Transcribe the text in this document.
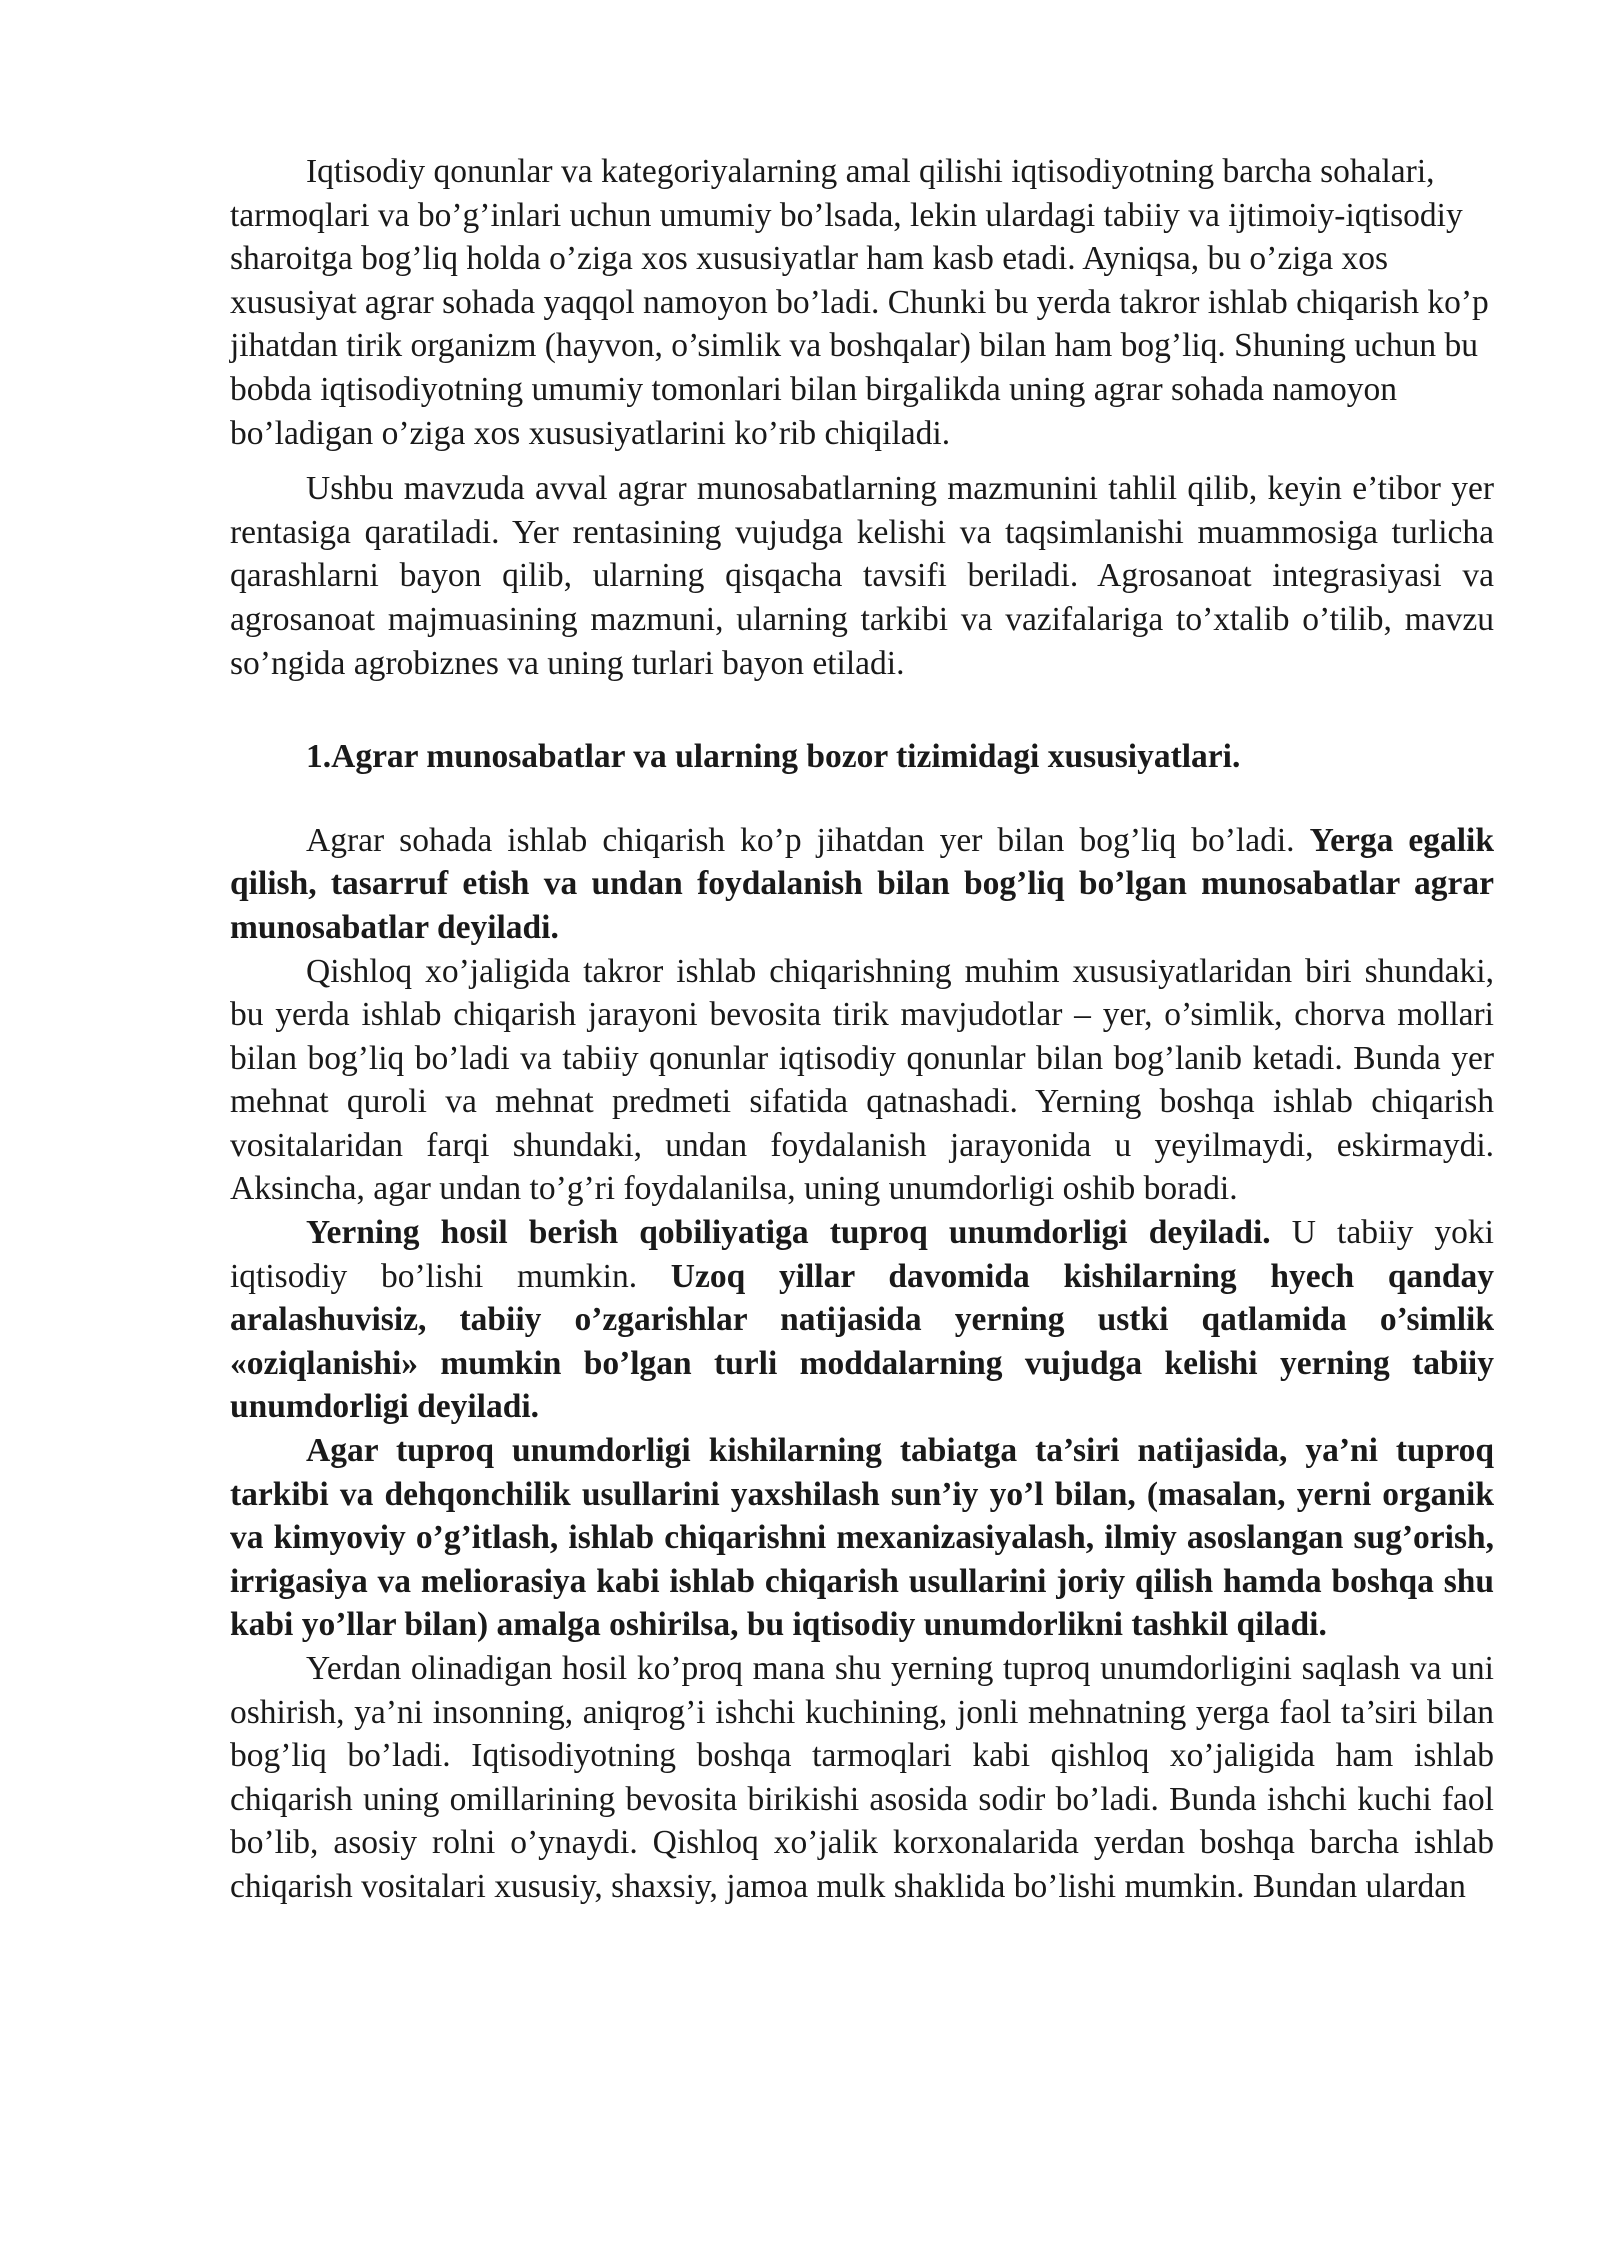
Iqtisodiy qonunlar va kategoriyalarning amal qilishi iqtisodiyotning barcha sohalari, tarmoqlari va bo’g’inlari uchun umumiy bo’lsada, lekin ulardagi tabiiy va ijtimoiy-iqtisodiy sharoitga bog’liq holda o’ziga xos xususiyatlar ham kasb etadi. Ayniqsa, bu o’ziga xos xususiyat agrar sohada yaqqol namoyon bo’ladi. Chunki bu yerda takror ishlab chiqarish ko’p jihatdan tirik organizm (hayvon, o’simlik va boshqalar) bilan ham bog’liq. Shuning uchun bu bobda iqtisodiyotning umumiy tomonlari bilan birgalikda uning agrar sohada namoyon bo’ladigan o’ziga xos xususiyatlarini ko’rib chiqiladi.

Ushbu mavzuda avval agrar munosabatlarning mazmunini tahlil qilib, keyin e’tibor yer rentasiga qaratiladi. Yer rentasining vujudga kelishi va taqsimlanishi muammosiga turlicha qarashlarni bayon qilib, ularning qisqacha tavsifi beriladi. Agrosanoat integrasiyasi va agrosanoat majmuasining mazmuni, ularning tarkibi va vazifalariga to’xtalib o’tilib, mavzu so’ngida agrobiznes va uning turlari bayon etiladi.

1.Agrar munosabatlar va ularning bozor tizimidagi xususiyatlari.

Agrar sohada ishlab chiqarish ko’p jihatdan yer bilan bog’liq bo’ladi. Yerga egalik qilish, tasarruf etish va undan foydalanish bilan bog’liq bo’lgan munosabatlar agrar munosabatlar deyiladi.

Qishloq xo’jaligida takror ishlab chiqarishning muhim xususiyatlaridan biri shundaki, bu yerda ishlab chiqarish jarayoni bevosita tirik mavjudotlar – yer, o’simlik, chorva mollari bilan bog’liq bo’ladi va tabiiy qonunlar iqtisodiy qonunlar bilan bog’lanib ketadi. Bunda yer mehnat quroli va mehnat predmeti sifatida qatnashadi. Yerning boshqa ishlab chiqarish vositalaridan farqi shundaki, undan foydalanish jarayonida u yeyilmaydi, eskirmaydi. Aksincha, agar undan to’g’ri foydalanilsa, uning unumdorligi oshib boradi.

Yerning hosil berish qobiliyatiga tuproq unumdorligi deyiladi. U tabiiy yoki iqtisodiy bo’lishi mumkin. Uzoq yillar davomida kishilarning hyech qanday aralashuvisiz, tabiiy o’zgarishlar natijasida yerning ustki qatlamida o’simlik «oziqlanishi» mumkin bo’lgan turli moddalarning vujudga kelishi yerning tabiiy unumdorligi deyiladi.

Agar tuproq unumdorligi kishilarning tabiatga ta’siri natijasida, ya’ni tuproq tarkibi va dehqonchilik usullarini yaxshilash sun’iy yo’l bilan, (masalan, yerni organik va kimyoviy o’g’itlash, ishlab chiqarishni mexanizasiyalash, ilmiy asoslangan sug’orish, irrigasiya va meliorasiya kabi ishlab chiqarish usullarini joriy qilish hamda boshqa shu kabi yo’llar bilan) amalga oshirilsa, bu iqtisodiy unumdorlikni tashkil qiladi.

Yerdan olinadigan hosil ko’proq mana shu yerning tuproq unumdorligini saqlash va uni oshirish, ya’ni insonning, aniqrog’i ishchi kuchining, jonli mehnatning yerga faol ta’siri bilan bog’liq bo’ladi. Iqtisodiyotning boshqa tarmoqlari kabi qishloq xo’jaligida ham ishlab chiqarish uning omillarining bevosita birikishi asosida sodir bo’ladi. Bunda ishchi kuchi faol bo’lib, asosiy rolni o’ynaydi. Qishloq xo’jalik korxonalarida yerdan boshqa barcha ishlab chiqarish vositalari xususiy, shaxsiy, jamoa mulk shaklida bo’lishi mumkin. Bundan ulardan
